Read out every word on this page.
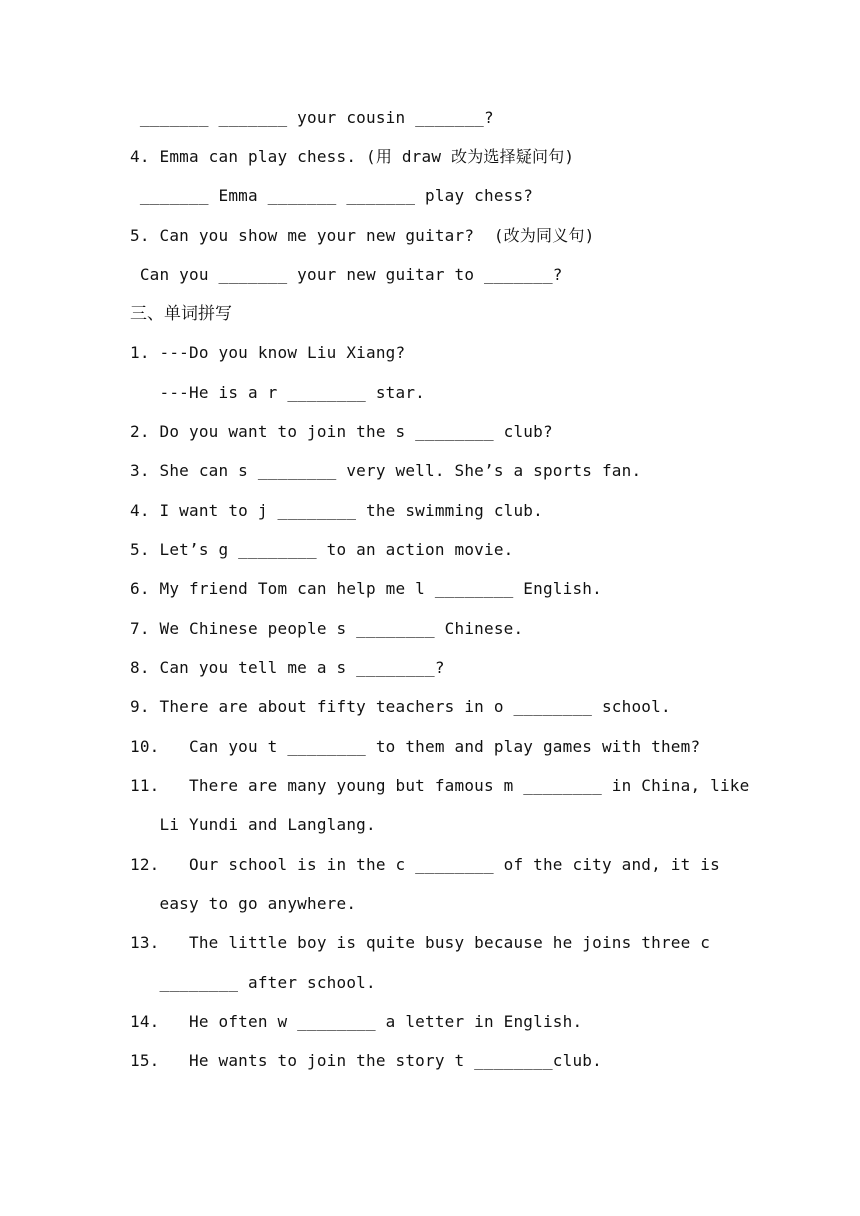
_______ _______ your cousin _______?
4. Emma can play chess. (用 draw 改为选择疑问句)
_______ Emma _______ _______ play chess?
5. Can you show me your new guitar?  (改为同义句)
Can you _______ your new guitar to _______?
三、单词拼写
1. ---Do you know Liu Xiang?
---He is a r ________ star.
2. Do you want to join the s ________ club?
3. She can s ________ very well. She’s a sports fan.
4. I want to j ________ the swimming club.
5. Let’s g ________ to an action movie.
6. My friend Tom can help me l ________ English.
7. We Chinese people s ________ Chinese.
8. Can you tell me a s ________?
9. There are about fifty teachers in o ________ school.
10.   Can you t ________ to them and play games with them?
11.   There are many young but famous m ________ in China, like
Li Yundi and Langlang.
12.   Our school is in the c ________ of the city and, it is
easy to go anywhere.
13.   The little boy is quite busy because he joins three c
________ after school.
14.   He often w ________ a letter in English.
15.   He wants to join the story t ________club.
